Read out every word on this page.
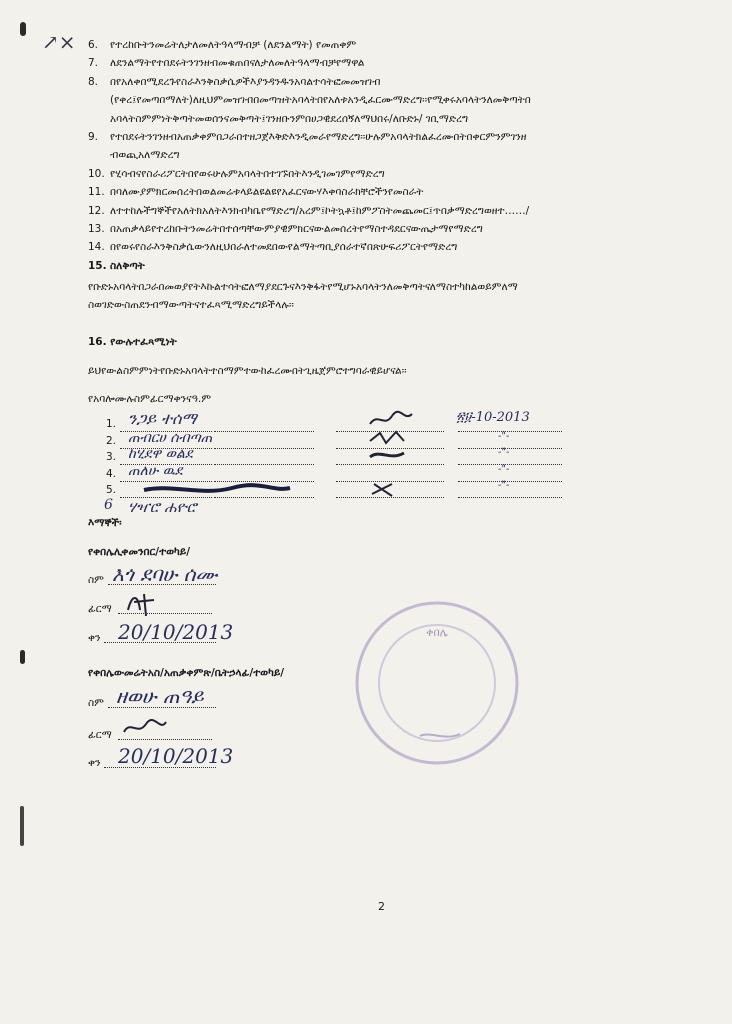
↗⨯ 6.	የተረከቡትንመሬትለታለመለትዓላማብቻ (ለደንልማት) የመጠቀም
7.	ለደንልማትየተበደሩትንገንዘብመቁጠበናለታለመለትዓላማብቻየማዋል
8.	በየአለቀበሚደረጉየስራእንቅስቃሴዎችእያንዳንዱንአባልተሳትፎመመዝገብ
(የቀረ፤የመጣበማለት)ለዚህምመዝገብበመጣዝትአባላትበየአለቱአንዲፈርሙማድረግ፡፡የሚቀሩአባላትንለመቅጣትበ
አባላትስምምነትቅጣትመወሰንናመቅጣት፤ገንዘቡንምበሀጋዊደረሰኝለማህበሩ/ለቡድኑ/ ገቢማድረግ
9.	የተበደሩትንገንዘብአጠቃቀምበጋራበተዘጋጀእቅድእንዲመራየማድረግ፡፡ሁሉምአባላትክልፈረሙበትበቀርምንምገንዘ
ብወጪአለማድረግ
10. የሂሳብናየስራሪፖርትበየወሩሁሉምአባላትበተገኙበትእንዲገመገምየማድረግ
11. በባለሙያምክርመሰረትበወልመሬቱላይልዩልዩየአፈርናውሃእቀባስራክቸሮችንየመስራት
12. ለተተከሉችግኞችየአለትክአለትእንክብካቤየማድረግ/አረም፤ኮትኳቶ፤ከምፖስትመጨመር፤ጥበቃማድረግወዘተ……/
13. በአጠቃላይየተረከቡትንመሬትበተሰጣቸውምያዊምክርናውልመሰረትየማስተዳደርናውጤታማየማድረግ
14. በየወሩየስራእንቅስቃሴውንለዚህበራለተመደበውየልማትጣቢያሰራተኛበጽሁፍሪፖርትየማድረግ
15. ስለቅጣት
የቡድኑአባላትበጋራበመወያየትእኩልተሳትፎለማያደርጉናእንቅፋትየሚሆኑአባላትንለመቅጣትናለማስተካከልወይምለማ
ስወገድውስጠደንብማውጣትናተፈጻሚማድረግይችላሉ፡፡
16. የውሉተፈጻሚነት
ይህየውልስምምነትየቡድኑአባላትተስማምተውከፈረሙበትጊዜጀምሮተግባራዊይሆናል፡፡
የአባሎሙሉስምፊርማቀንናዓ.ም
1. ንጋይ ተሰማ	፳፱-10-2013
2. ጠብርሀ ሰብጣጠ	-"-
3. ከሂደዋ ወልደ	-"-
4. ጠለሁ ዉደ	-"-
5.	-"-
6 ሃዣሮ ሐዮሮ
እማኞች፡
የቀበሌሊቀመንበር/ተወካይ/
ስም እጎ ደባሁ ሰሙ
ፊርማ
ቀን 20/10/2013
የቀበሌውመሬትአስ/አጠቃቀምጽ/ቤትኃላፊ/ተወካይ/
ስም ዘወሁ ጠዓይ
ፊርማ
ቀን 20/10/2013
ቀበሌ
2
